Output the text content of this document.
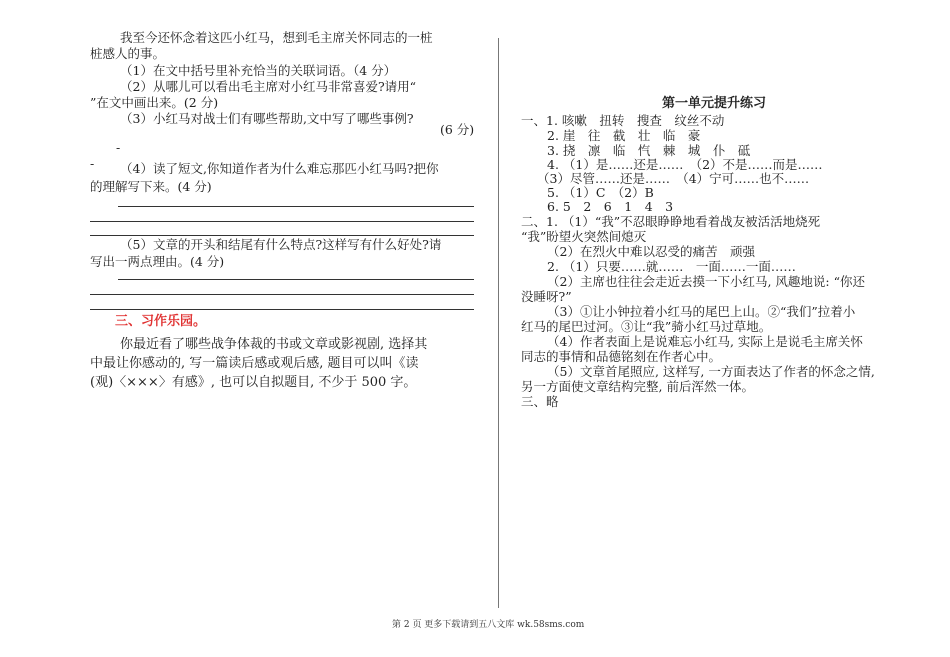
我至今还怀念着这匹小红马，想到毛主席关怀同志的一桩
桩感人的事。
（1）在文中括号里补充恰当的关联词语。（4 分）
（2）从哪儿可以看出毛主席对小红马非常喜爱?请用“
”在文中画出来。(2 分)
（3）小红马对战士们有哪些帮助,文中写了哪些事例?
(6 分)
-
- （4）读了短文,你知道作者为什么难忘那匹小红马吗?把你
的理解写下来。(4 分)
（5）文章的开头和结尾有什么特点?这样写有什么好处?请
写出一两点理由。(4 分)
三、习作乐园。
你最近看了哪些战争体裁的书或文章或影视剧, 选择其
中最让你感动的, 写一篇读后感或观后感, 题目可以叫《读
(观)〈×××〉有感》, 也可以自拟题目, 不少于 500 字。
第一单元提升练习
一、1. 咳嗽　扭转　搜查　纹丝不动
2. 崖　往　截　壮　临　豪
3. 挠　凛　临　忾　棘　城　仆　砥
4. （1）是……还是……　（2）不是……而是……
（3）尽管……还是……　（4）宁可……也不……
5. （1）C　（2）B
6. 5　2　6　1　4　3
二、1. （1）“我”不忍眼睁睁地看着战友被活活地烧死
“我”盼望火突然间熄灭
（2）在烈火中难以忍受的痛苦　顽强
2. （1）只要……就……　一面……一面……
（2）主席也往往会走近去摸一下小红马, 风趣地说: “你还
没睡呀?”
（3）①让小钟拉着小红马的尾巴上山。②“我们”拉着小
红马的尾巴过河。③让“我”骑小红马过草地。
（4）作者表面上是说难忘小红马, 实际上是说毛主席关怀
同志的事情和品德铭刻在作者心中。
（5）文章首尾照应, 这样写, 一方面表达了作者的怀念之情,
另一方面使文章结构完整, 前后浑然一体。
三、略
第 2 页 更多下载请到五八文库 wk.58sms.com
